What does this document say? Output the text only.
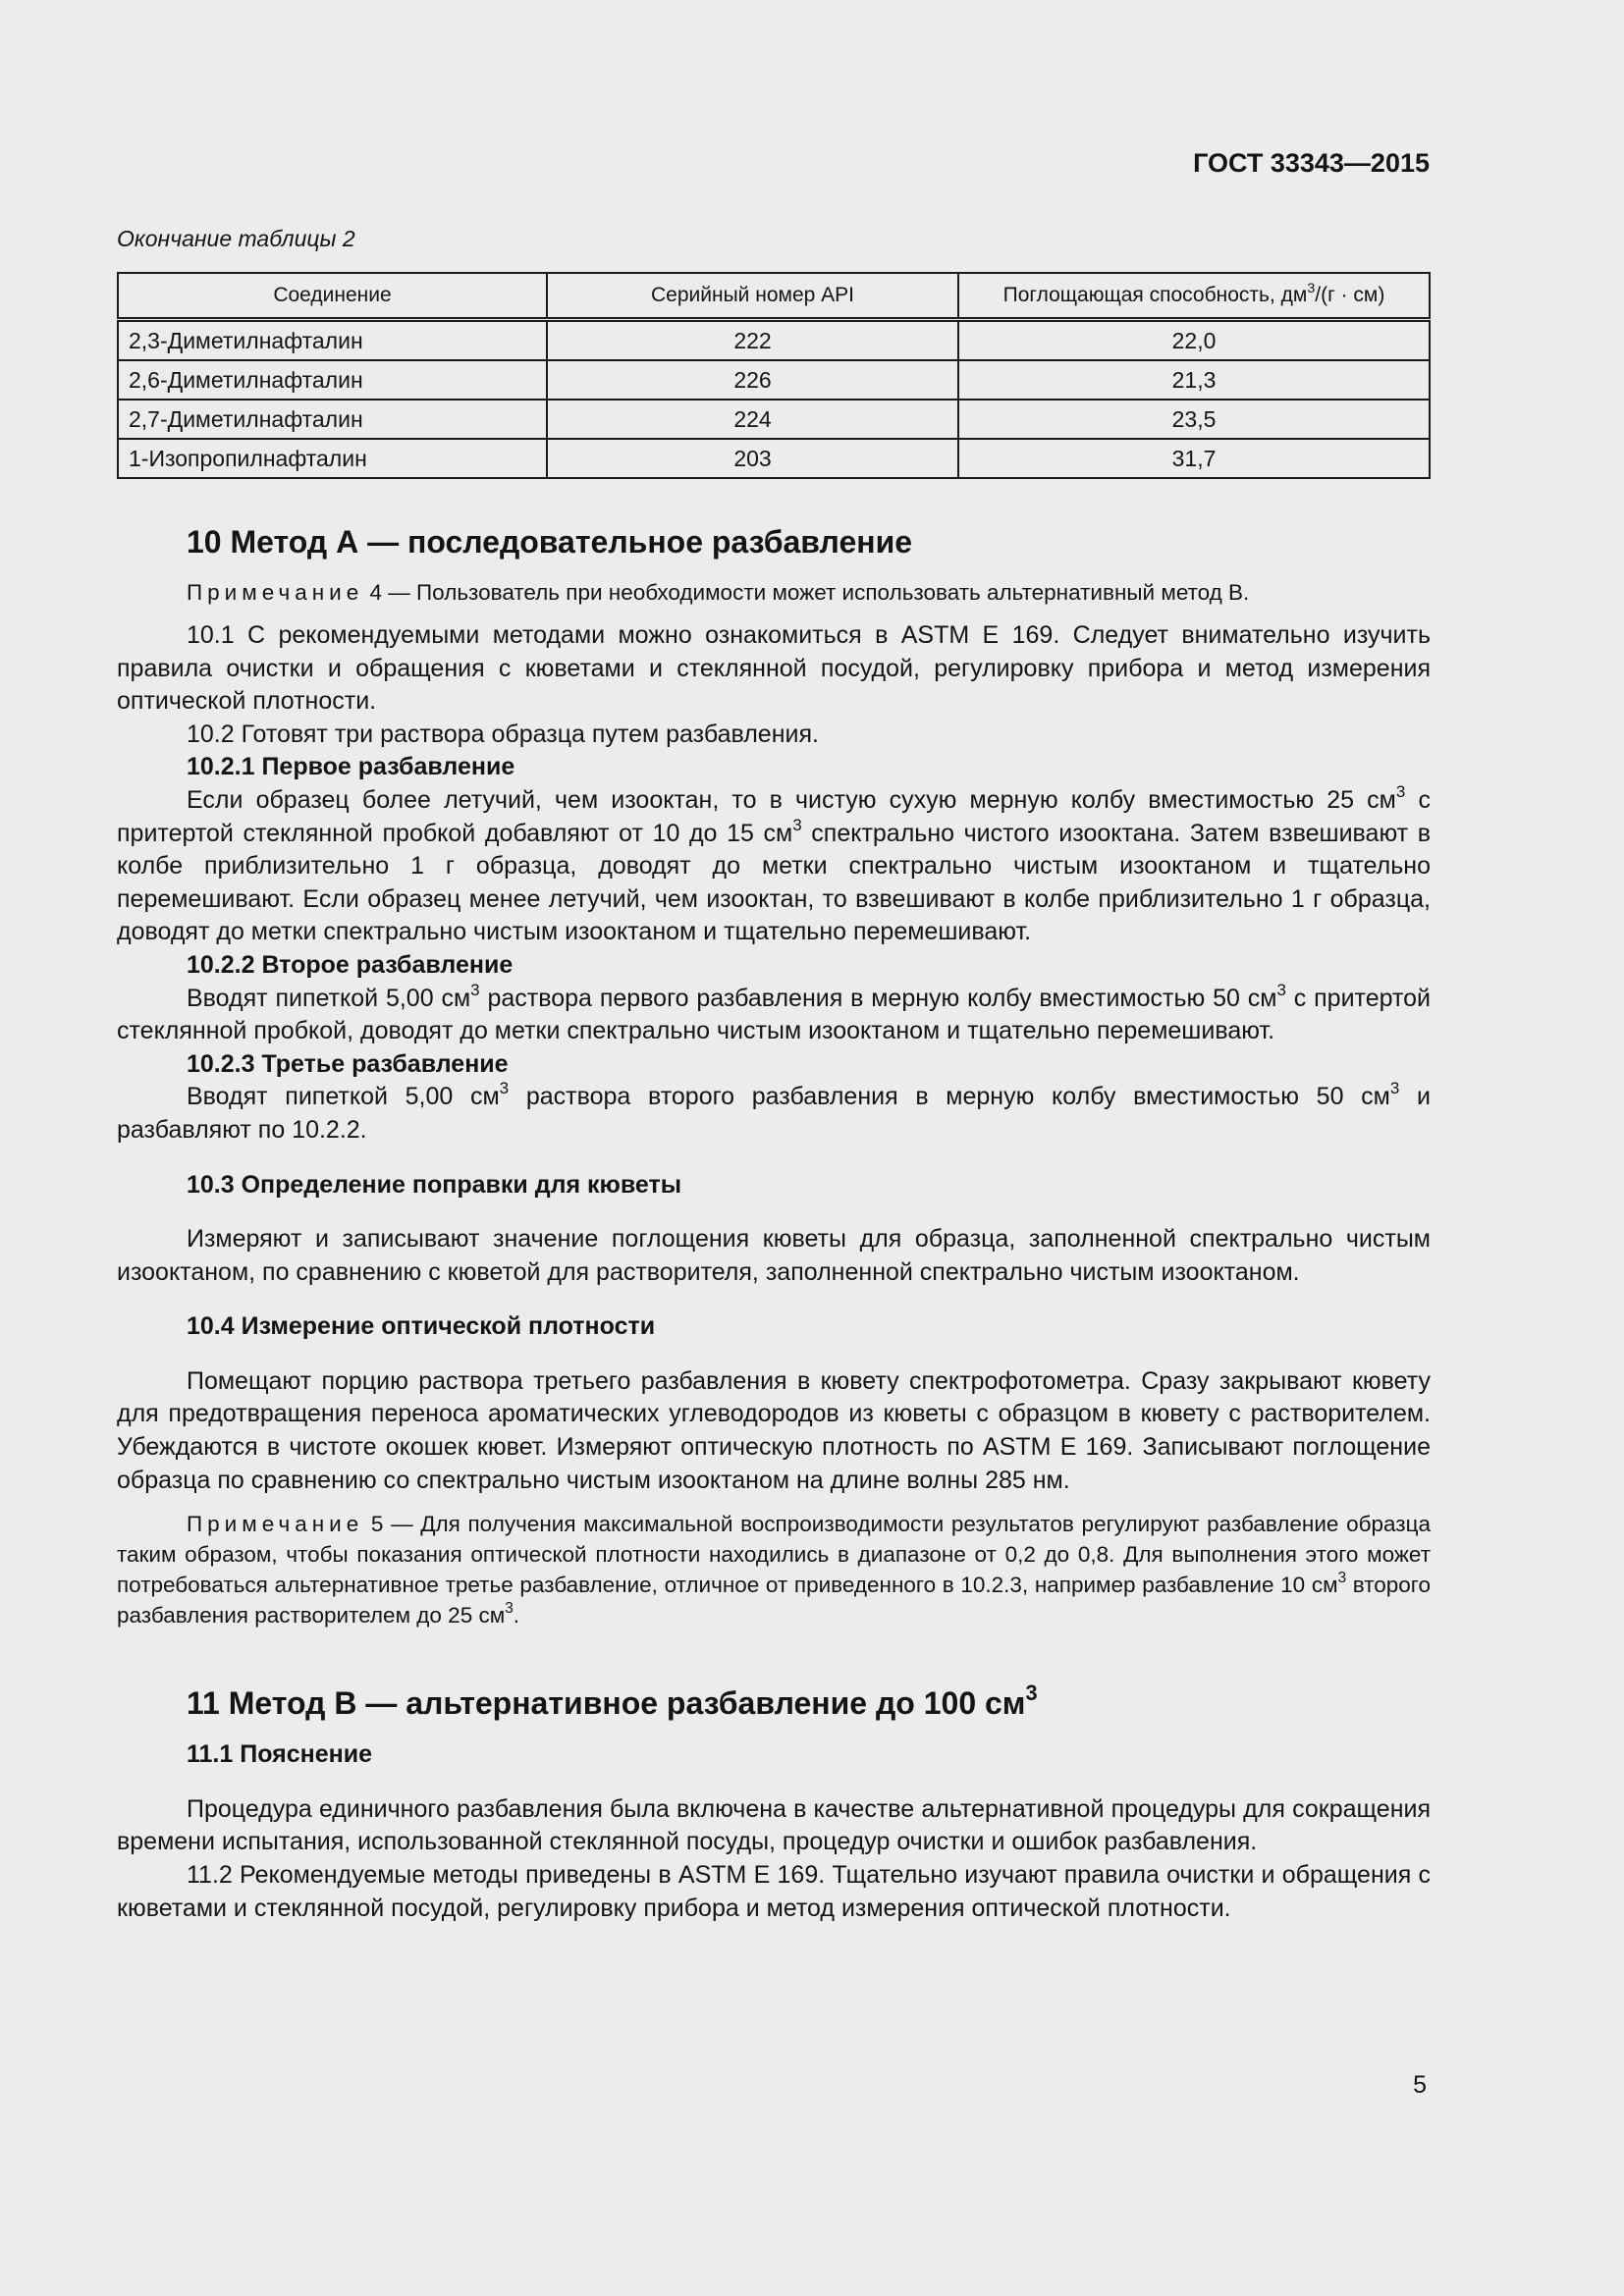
ГОСТ 33343—2015
Окончание таблицы 2
Соединение	Серийный номер API	Поглощающая способность, $дм^3/(г \cdot см)$
2,3-Диметилнафталин	222	22,0
2,6-Диметилнафталин	226	21,3
2,7-Диметилнафталин	224	23,5
1-Изопропилнафталин	203	31,7

10 Метод А — последовательное разбавление

Примечание 4 — Пользователь при необходимости может использовать альтернативный метод В.

10.1 С рекомендуемыми методами можно ознакомиться в ASTM E 169. Следует внимательно изучить правила очистки и обращения с кюветами и стеклянной посудой, регулировку прибора и метод измерения оптической плотности.

10.2 Готовят три раствора образца путем разбавления.

10.2.1 Первое разбавление

Если образец более летучий, чем изооктан, то в чистую сухую мерную колбу вместимостью 25 $см^3$ с притертой стеклянной пробкой добавляют от 10 до 15 $см^3$ спектрально чистого изооктана. Затем взвешивают в колбе приблизительно 1 г образца, доводят до метки спектрально чистым изооктаном и тщательно перемешивают. Если образец менее летучий, чем изооктан, то взвешивают в колбе приблизительно 1 г образца, доводят до метки спектрально чистым изооктаном и тщательно перемешивают.

10.2.2 Второе разбавление

Вводят пипеткой 5,00 $см^3$ раствора первого разбавления в мерную колбу вместимостью 50 $см^3$ с притертой стеклянной пробкой, доводят до метки спектрально чистым изооктаном и тщательно перемешивают.

10.2.3 Третье разбавление

Вводят пипеткой 5,00 $см^3$ раствора второго разбавления в мерную колбу вместимостью 50 $см^3$ и разбавляют по 10.2.2.

10.3 Определение поправки для кюветы

Измеряют и записывают значение поглощения кюветы для образца, заполненной спектрально чистым изооктаном, по сравнению с кюветой для растворителя, заполненной спектрально чистым изооктаном.

10.4 Измерение оптической плотности

Помещают порцию раствора третьего разбавления в кювету спектрофотометра. Сразу закрывают кювету для предотвращения переноса ароматических углеводородов из кюветы с образцом в кювету с растворителем. Убеждаются в чистоте окошек кювет. Измеряют оптическую плотность по ASTM E 169. Записывают поглощение образца по сравнению со спектрально чистым изооктаном на длине волны 285 нм.

Примечание 5 — Для получения максимальной воспроизводимости результатов регулируют разбавление образца таким образом, чтобы показания оптической плотности находились в диапазоне от 0,2 до 0,8. Для выполнения этого может потребоваться альтернативное третье разбавление, отличное от приведенного в 10.2.3, например разбавление 10 $см^3$ второго разбавления растворителем до 25 $см^3$.

11 Метод В — альтернативное разбавление до 100 $см^3$

11.1 Пояснение

Процедура единичного разбавления была включена в качестве альтернативной процедуры для сокращения времени испытания, использованной стеклянной посуды, процедур очистки и ошибок разбавления.

11.2 Рекомендуемые методы приведены в ASTM E 169. Тщательно изучают правила очистки и обращения с кюветами и стеклянной посудой, регулировку прибора и метод измерения оптической плотности.

5
